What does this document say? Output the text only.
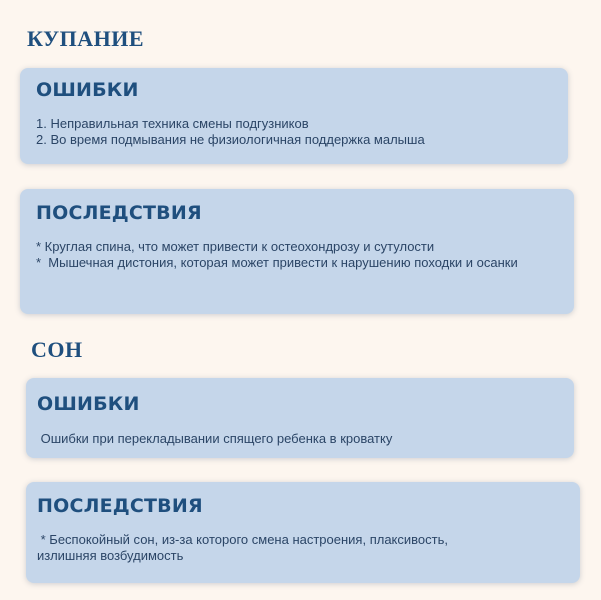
КУПАНИЕ
ОШИБКИ

1. Неправильная техника смены подгузников
2. Во время подмывания не физиологичная поддержка малыша

ПОСЛЕДСТВИЯ

* Круглая спина, что может привести к остеохондрозу и сутулости
*  Мышечная дистония, которая может привести к нарушению походки и осанки

СОН
ОШИБКИ

Ошибки при перекладывании спящего ребенка в кроватку

ПОСЛЕДСТВИЯ

* Беспокойный сон, из-за которого смена настроения, плаксивость, излишняя возбудимость
